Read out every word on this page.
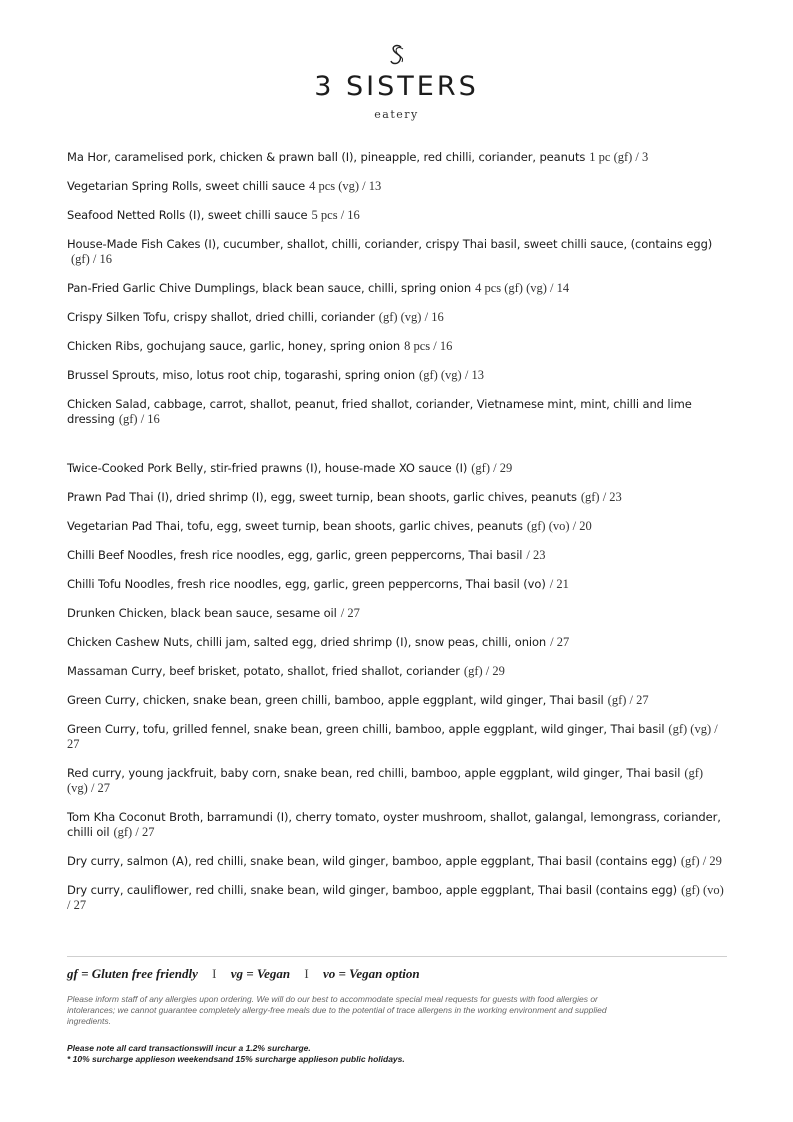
3 SISTERS
eatery
Ma Hor, caramelised pork, chicken & prawn ball (I), pineapple, red chilli, coriander, peanuts 1 pc (gf) / 3
Vegetarian Spring Rolls, sweet chilli sauce 4 pcs (vg) / 13
Seafood Netted Rolls (I), sweet chilli sauce 5 pcs / 16
House-Made Fish Cakes (I), cucumber, shallot, chilli, coriander, crispy Thai basil, sweet chilli sauce, (contains egg)(gf) / 16
Pan-Fried Garlic Chive Dumplings, black bean sauce, chilli, spring onion 4 pcs (gf) (vg) / 14
Crispy Silken Tofu, crispy shallot, dried chilli, coriander (gf) (vg) / 16
Chicken Ribs, gochujang sauce, garlic, honey, spring onion 8 pcs / 16
Brussel Sprouts, miso, lotus root chip, togarashi, spring onion (gf) (vg) / 13
Chicken Salad, cabbage, carrot, shallot, peanut, fried shallot, coriander, Vietnamese mint, mint, chilli and lime dressing (gf) / 16
Twice-Cooked Pork Belly, stir-fried prawns (I), house-made XO sauce (I) (gf) / 29
Prawn Pad Thai (I), dried shrimp (I), egg, sweet turnip, bean shoots, garlic chives, peanuts (gf) / 23
Vegetarian Pad Thai, tofu, egg, sweet turnip, bean shoots, garlic chives, peanuts (gf) (vo) / 20
Chilli Beef Noodles, fresh rice noodles, egg, garlic, green peppercorns, Thai basil / 23
Chilli Tofu Noodles, fresh rice noodles, egg, garlic, green peppercorns, Thai basil (vo) / 21
Drunken Chicken, black bean sauce, sesame oil / 27
Chicken Cashew Nuts, chilli jam, salted egg, dried shrimp (I), snow peas, chilli, onion / 27
Massaman Curry, beef brisket, potato, shallot, fried shallot, coriander (gf) / 29
Green Curry, chicken, snake bean, green chilli, bamboo, apple eggplant, wild ginger, Thai basil (gf) / 27
Green Curry, tofu, grilled fennel, snake bean, green chilli, bamboo, apple eggplant, wild ginger, Thai basil (gf) (vg) / 27
Red curry, young jackfruit, baby corn, snake bean, red chilli, bamboo, apple eggplant, wild ginger, Thai basil (gf) (vg) / 27
Tom Kha Coconut Broth, barramundi (I), cherry tomato, oyster mushroom, shallot, galangal, lemongrass, coriander, chilli oil (gf) / 27
Dry curry, salmon (A), red chilli, snake bean, wild ginger, bamboo, apple eggplant, Thai basil (contains egg) (gf) / 29
Dry curry, cauliflower, red chilli, snake bean, wild ginger, bamboo, apple eggplant, Thai basil (contains egg) (gf) (vo) / 27
gf = Gluten free friendly I vg = Vegan I vo = Vegan option
Please inform staff of any allergies upon ordering. We will do our best to accommodate special meal requests for guests with food allergies or intolerances; we cannot guarantee completely allergy-free meals due to the potential of trace allergens in the working environment and supplied ingredients.
Please note all card transactionswill incur a 1.2% surcharge.
* 10% surcharge applieson weekendsand 15% surcharge applieson public holidays.
